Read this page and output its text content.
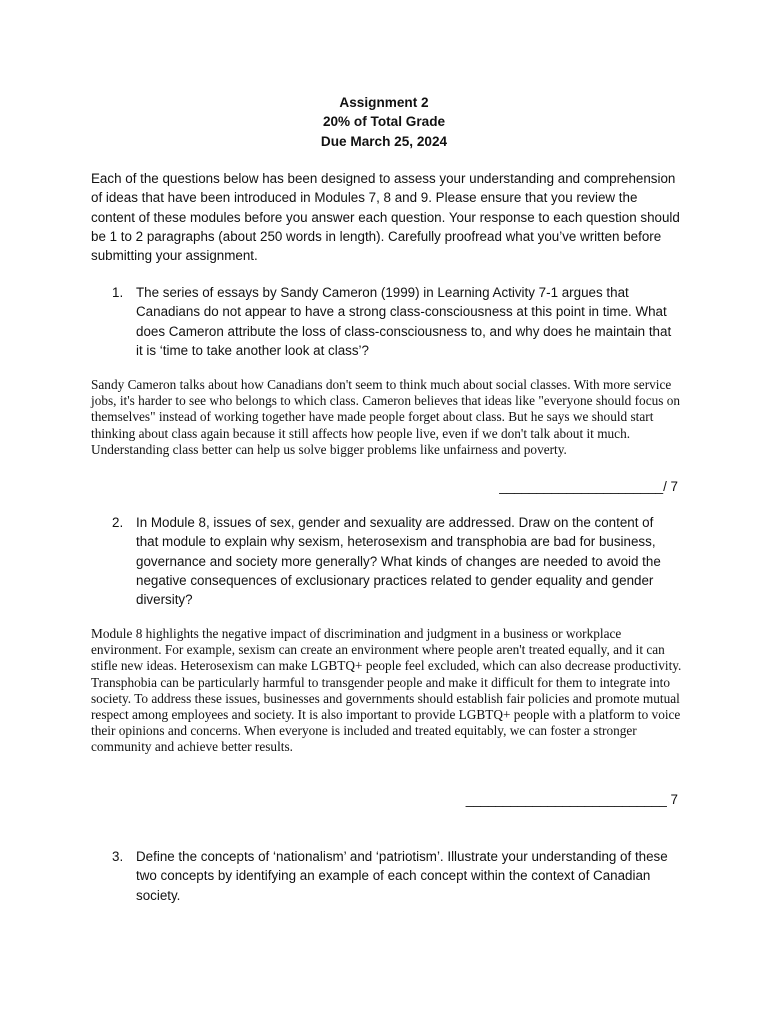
Assignment 2
20% of Total Grade
Due March 25, 2024
Each of the questions below has been designed to assess your understanding and comprehension of ideas that have been introduced in Modules 7, 8 and 9. Please ensure that you review the content of these modules before you answer each question. Your response to each question should be 1 to 2 paragraphs (about 250 words in length). Carefully proofread what you’ve written before submitting your assignment.
1. The series of essays by Sandy Cameron (1999) in Learning Activity 7-1 argues that Canadians do not appear to have a strong class-consciousness at this point in time. What does Cameron attribute the loss of class-consciousness to, and why does he maintain that it is ‘time to take another look at class’?
Sandy Cameron talks about how Canadians don't seem to think much about social classes. With more service jobs, it's harder to see who belongs to which class. Cameron believes that ideas like "everyone should focus on themselves" instead of working together have made people forget about class. But he says we should start thinking about class again because it still affects how people live, even if we don't talk about it much. Understanding class better can help us solve bigger problems like unfairness and poverty.
______________________/ 7
2. In Module 8, issues of sex, gender and sexuality are addressed. Draw on the content of that module to explain why sexism, heterosexism and transphobia are bad for business, governance and society more generally? What kinds of changes are needed to avoid the negative consequences of exclusionary practices related to gender equality and gender diversity?
Module 8 highlights the negative impact of discrimination and judgment in a business or workplace environment. For example, sexism can create an environment where people aren't treated equally, and it can stifle new ideas. Heterosexism can make LGBTQ+ people feel excluded, which can also decrease productivity. Transphobia can be particularly harmful to transgender people and make it difficult for them to integrate into society. To address these issues, businesses and governments should establish fair policies and promote mutual respect among employees and society. It is also important to provide LGBTQ+ people with a platform to voice their opinions and concerns. When everyone is included and treated equitably, we can foster a stronger community and achieve better results.
___________________________ 7
3. Define the concepts of ‘nationalism’ and ‘patriotism’. Illustrate your understanding of these two concepts by identifying an example of each concept within the context of Canadian society.
